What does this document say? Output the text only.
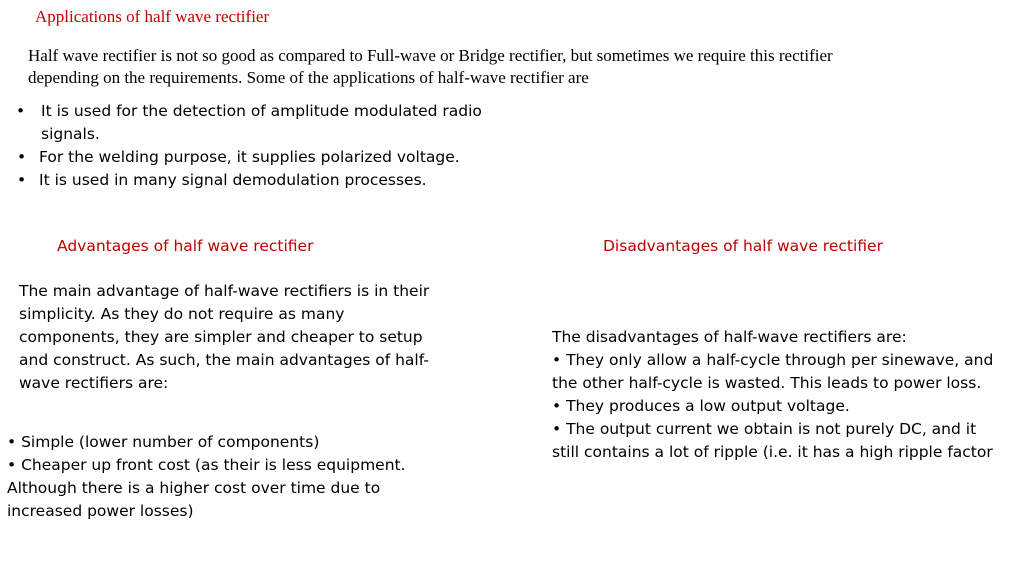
Applications of half wave rectifier

Half wave rectifier is not so good as compared to Full-wave or Bridge rectifier, but sometimes we require this rectifier depending on the requirements. Some of the applications of half-wave rectifier are

• It is used for the detection of amplitude modulated radio signals.
• For the welding purpose, it supplies polarized voltage.
• It is used in many signal demodulation processes.
Advantages of half wave rectifier	Disadvantages of half wave rectifier

The main advantage of half-wave rectifiers is in their simplicity. As they do not require as many components, they are simpler and cheaper to setup and construct. As such, the main advantages of half-wave rectifiers are:

• Simple (lower number of components)
• Cheaper up front cost (as their is less equipment. Although there is a higher cost over time due to increased power losses)
The disadvantages of half-wave rectifiers are:
• They only allow a half-cycle through per sinewave, and the other half-cycle is wasted. This leads to power loss.
• They produces a low output voltage.
• The output current we obtain is not purely DC, and it still contains a lot of ripple (i.e. it has a high ripple factor
